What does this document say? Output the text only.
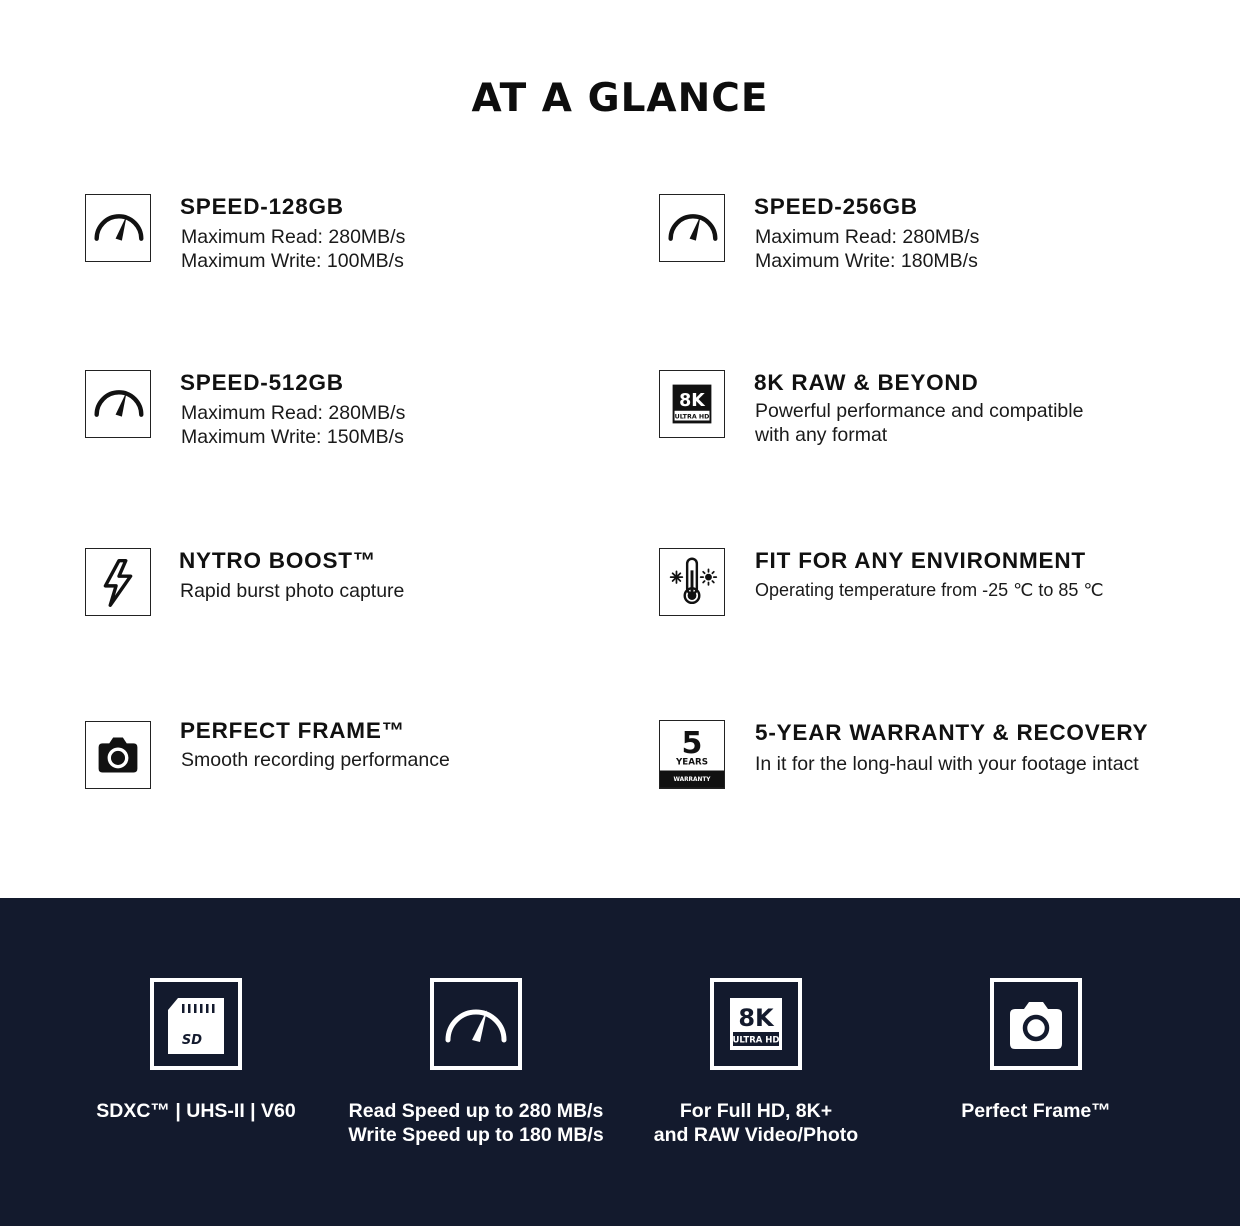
AT A GLANCE
SPEED-128GB
Maximum Read: 280MB/s
Maximum Write: 100MB/s
SPEED-256GB
Maximum Read: 280MB/s
Maximum Write: 180MB/s
SPEED-512GB
Maximum Read: 280MB/s
Maximum Write: 150MB/s
8K
ULTRA HD
8K RAW & BEYOND
Powerful performance and compatible
with any format
NYTRO BOOST™
Rapid burst photo capture
FIT FOR ANY ENVIRONMENT
Operating temperature from -25 ℃ to 85 ℃
PERFECT FRAME™
Smooth recording performance	5
YEARS
WARRANTY
5-YEAR WARRANTY & RECOVERY
In it for the long-haul with your footage intact
SD
SDXC™ | UHS-II | V60	Read Speed up to 280 MB/s
Write Speed up to 180 MB/s
8K
ULTRA HD
For Full HD, 8K+
and RAW Video/Photo
Perfect Frame™
